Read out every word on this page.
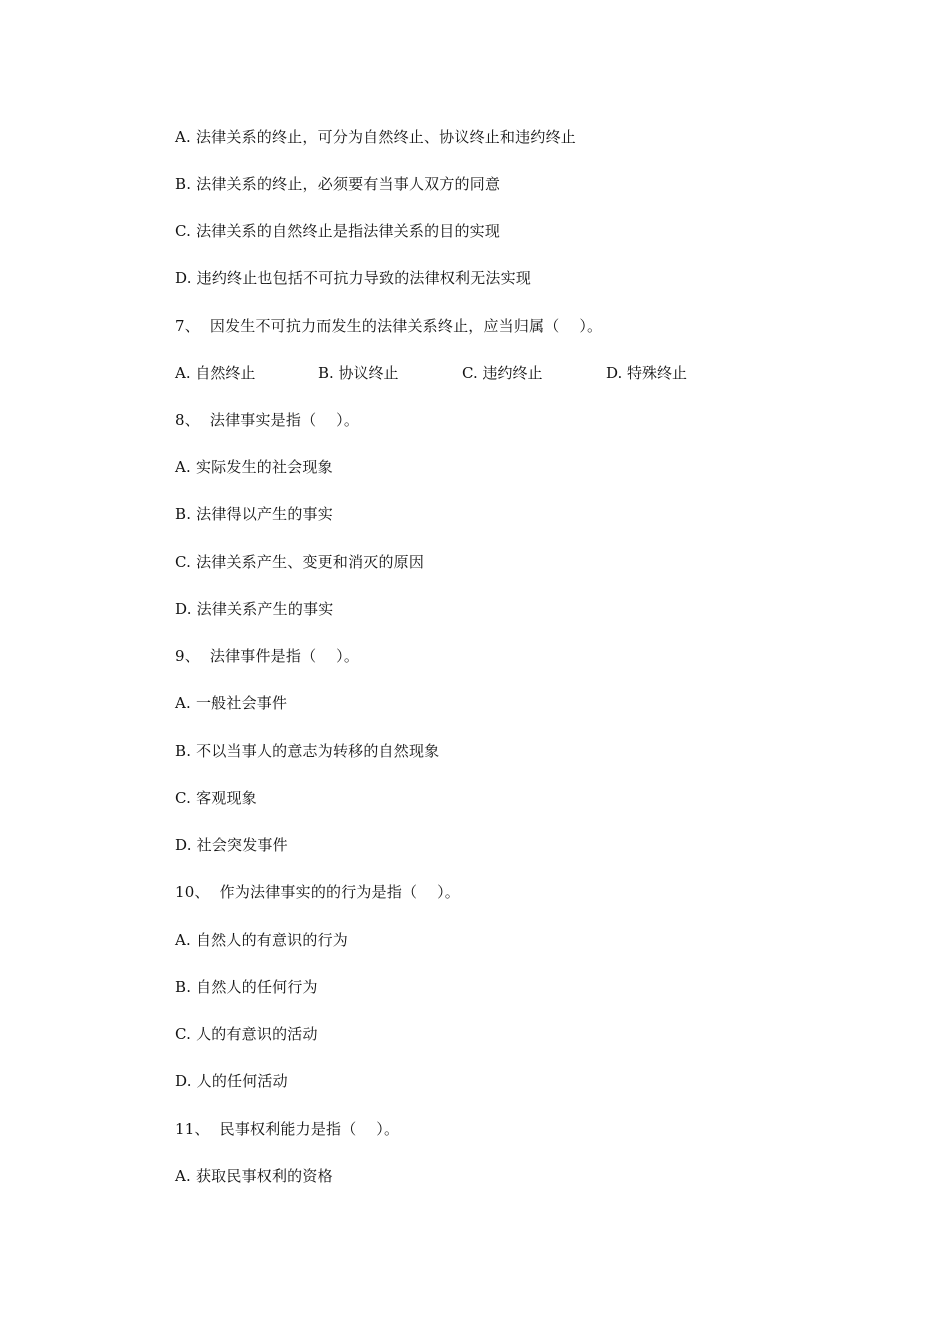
A. 法律关系的终止，可分为自然终止、协议终止和违约终止
B. 法律关系的终止，必须要有当事人双方的同意
C. 法律关系的自然终止是指法律关系的目的实现
D. 违约终止也包括不可抗力导致的法律权利无法实现
7、  因发生不可抗力而发生的法律关系终止，应当归属（    ）。
A. 自然终止	B. 协议终止	C. 违约终止	D. 特殊终止
8、  法律事实是指（    ）。
A. 实际发生的社会现象
B. 法律得以产生的事实
C. 法律关系产生、变更和消灭的原因
D. 法律关系产生的事实
9、  法律事件是指（    ）。
A. 一般社会事件
B. 不以当事人的意志为转移的自然现象
C. 客观现象
D. 社会突发事件
10、  作为法律事实的的行为是指（    ）。
A. 自然人的有意识的行为
B. 自然人的任何行为
C. 人的有意识的活动
D. 人的任何活动
11、  民事权利能力是指（    ）。
A. 获取民事权利的资格
